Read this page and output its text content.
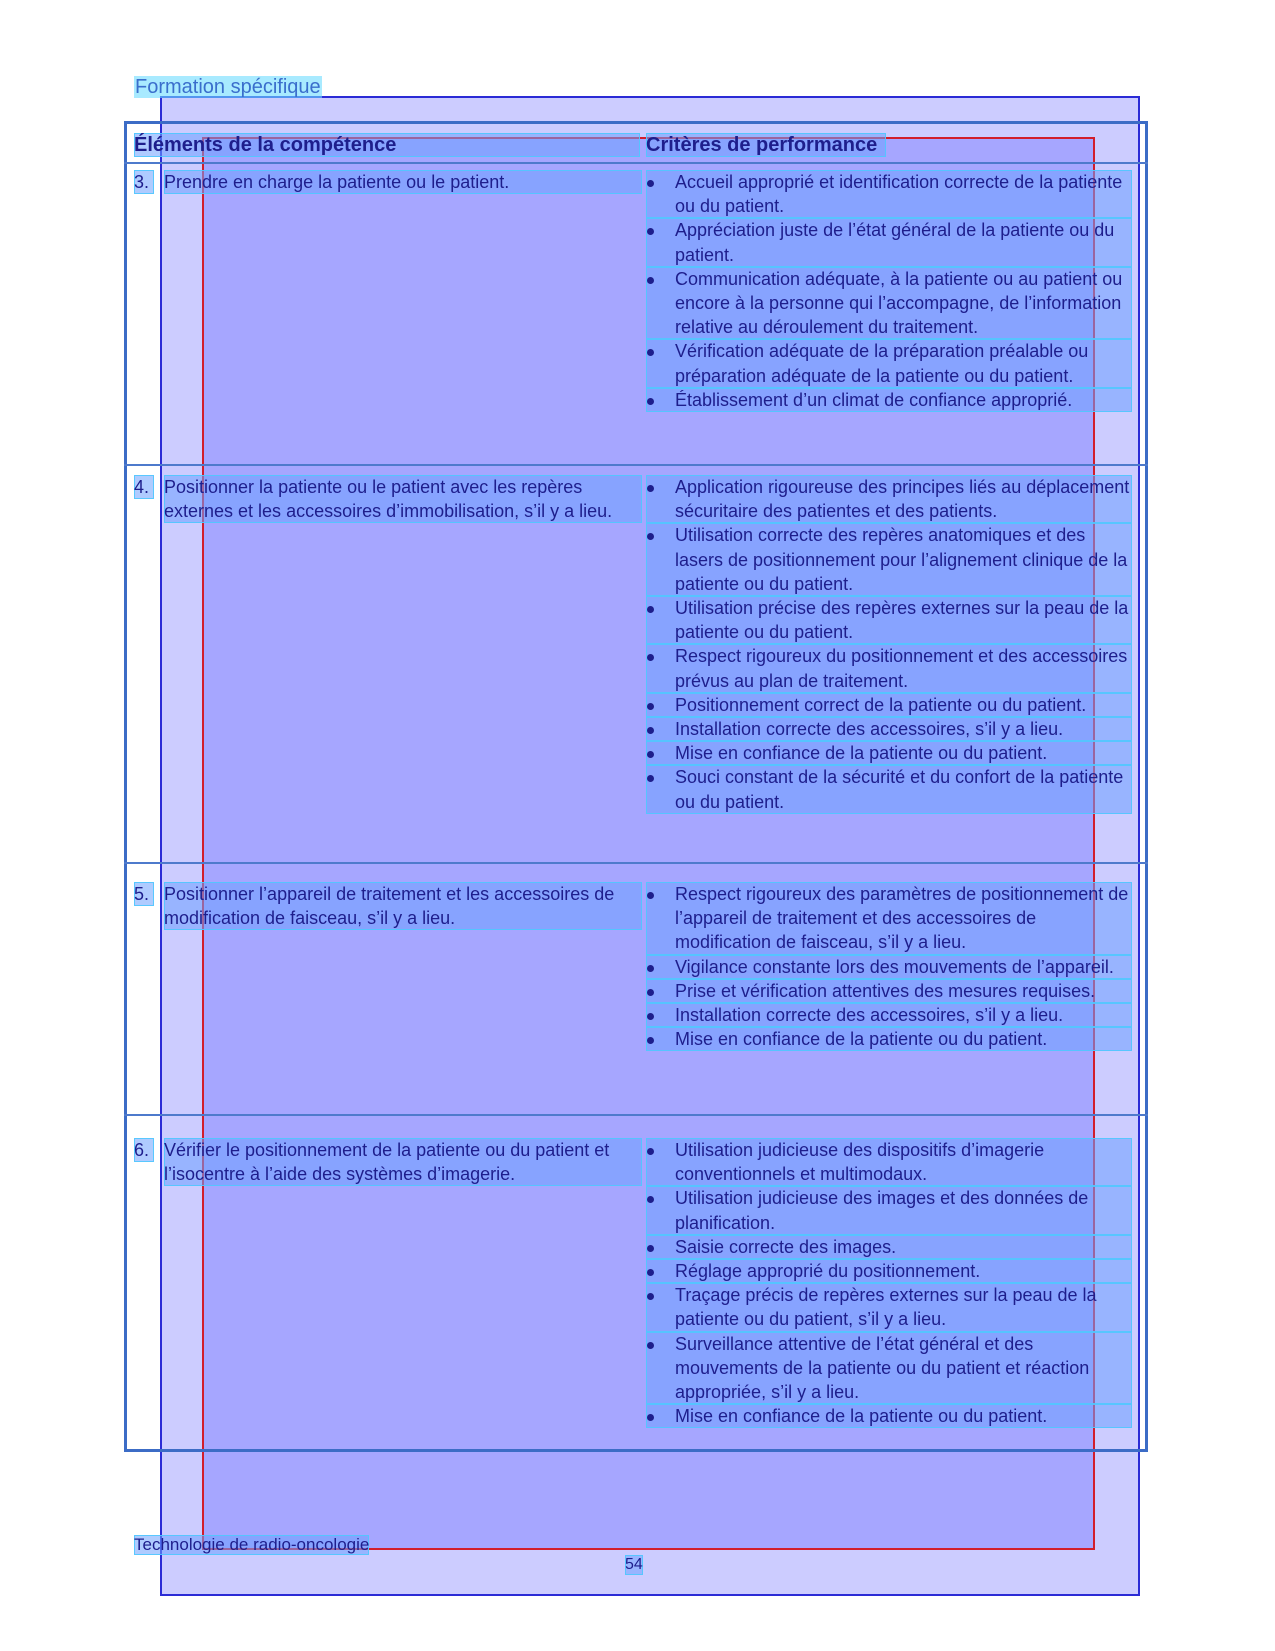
Formation spécifique
Éléments de la compétence	Critères de performance
3. Prendre en charge la patiente ou le patient.	Accueil approprié et identification correcte de la patiente ou du patient.
Appréciation juste de l’état général de la patiente ou du patient.
Communication adéquate, à la patiente ou au patient ou encore à la personne qui l’accompagne, de l’information relative au déroulement du traitement.
Vérification adéquate de la préparation préalable ou préparation adéquate de la patiente ou du patient.
Établissement d’un climat de confiance approprié.
4. Positionner la patiente ou le patient avec les repères externes et les accessoires d’immobilisation, s’il y a lieu.
Application rigoureuse des principes liés au déplacement sécuritaire des patientes et des patients.
Utilisation correcte des repères anatomiques et des lasers de positionnement pour l’alignement clinique de la patiente ou du patient.
Utilisation précise des repères externes sur la peau de la patiente ou du patient.
Respect rigoureux du positionnement et des accessoires prévus au plan de traitement.
Positionnement correct de la patiente ou du patient.
Installation correcte des accessoires, s’il y a lieu.
Mise en confiance de la patiente ou du patient.
Souci constant de la sécurité et du confort de la patiente ou du patient.
5. Positionner l’appareil de traitement et les accessoires de modification de faisceau, s’il y a lieu.
Respect rigoureux des paramètres de positionnement de l’appareil de traitement et des accessoires de modification de faisceau, s’il y a lieu.
Vigilance constante lors des mouvements de l’appareil.
Prise et vérification attentives des mesures requises.
Installation correcte des accessoires, s’il y a lieu.
Mise en confiance de la patiente ou du patient.
6. Vérifier le positionnement de la patiente ou du patient et l’isocentre à l’aide des systèmes d’imagerie.
Utilisation judicieuse des dispositifs d’imagerie conventionnels et multimodaux.
Utilisation judicieuse des images et des données de planification.
Saisie correcte des images.
Réglage approprié du positionnement.
Traçage précis de repères externes sur la peau de la patiente ou du patient, s’il y a lieu.
Surveillance attentive de l’état général et des mouvements de la patiente ou du patient et réaction appropriée, s’il y a lieu.
Mise en confiance de la patiente ou du patient.
Technologie de radio-oncologie
54
